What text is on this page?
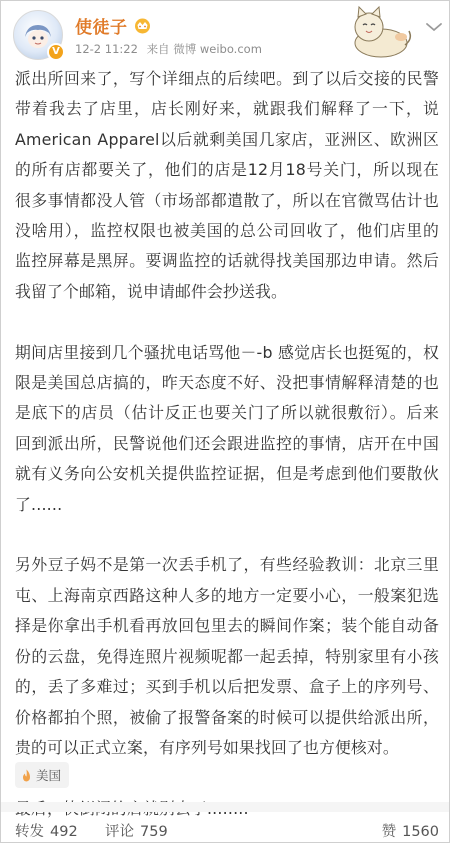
V
使徒子
12-2 11:22 来自 微博 weibo.com
派出所回来了，写个详细点的后续吧。到了以后交接的民警带着我去了店里，店长刚好来，就跟我们解释了一下，说American Apparel以后就剩美国几家店，亚洲区、欧洲区的所有店都要关了，他们的店是12月18号关门，所以现在很多事情都没人管（市场部都遣散了，所以在官微骂估计也没啥用），监控权限也被美国的总公司回收了，他们店里的监控屏幕是黑屏。要调监控的话就得找美国那边申请。然后我留了个邮箱，说申请邮件会抄送我。
期间店里接到几个骚扰电话骂他－-b 感觉店长也挺冤的，权限是美国总店搞的，昨天态度不好、没把事情解释清楚的也是底下的店员（估计反正也要关门了所以就很敷衍）。后来回到派出所，民警说他们还会跟进监控的事情，店开在中国就有义务向公安机关提供监控证据，但是考虑到他们要散伙了......
另外豆子妈不是第一次丢手机了，有些经验教训：北京三里屯、上海南京西路这种人多的地方一定要小心，一般案犯选择是你拿出手机看再放回包里去的瞬间作案；装个能自动备份的云盘，免得连照片视频呢都一起丢掉，特别家里有小孩的，丢了多难过；买到手机以后把发票、盒子上的序列号、价格都拍个照，被偷了报警备案的时候可以提供给派出所，贵的可以正式立案，有序列号如果找回了也方便核对。
美国
转发 492 评论 759	赞 1560
